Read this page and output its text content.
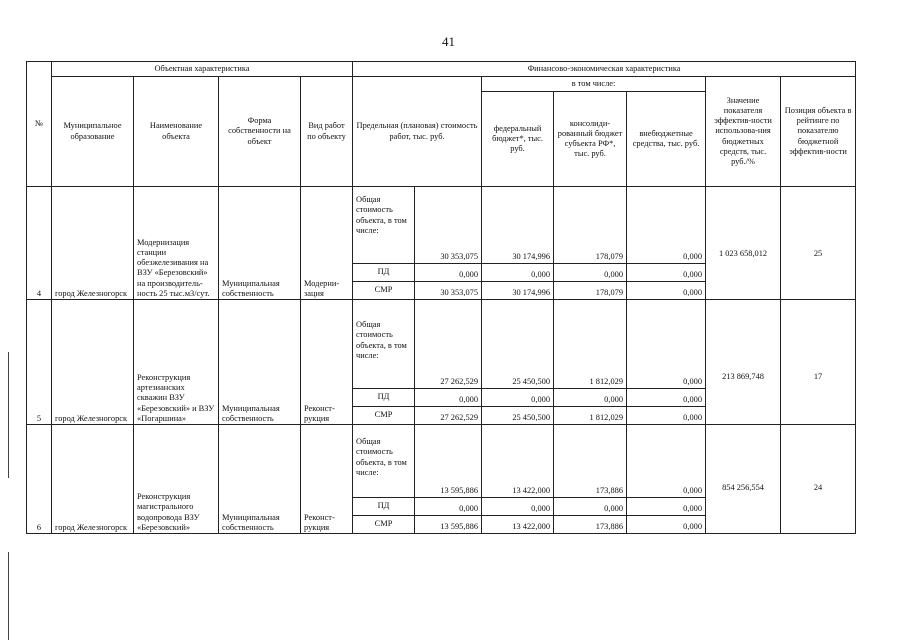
41
№	Объектная характеристика				Финансово-экономическая характеристика						
	Муниципальное образование	Наименование объекта	Форма собственности на объект	Вид работ по объекту	Предельная (плановая) стоимость работ, тыс. руб.		в том числе:			Значение показателя эффектив-ности использова-ния бюджетных средств, тыс. руб./%	Позиция объекта в рейтинге по показателю бюджетной эффектив-ности
							федеральный бюджет*, тыс. руб.	консолиди-рованный бюджет субъекта РФ*, тыс. руб.	внебюджетные средства, тыс. руб.		
4	город Железногорск	Модернизация станции обезжелезивания на ВЗУ «Березовский» на производитель-ность 25 тыс.м3/сут.	Муниципальная собственность	Модерни-зация	Общая стоимость объекта, в том числе:	30 353,075	30 174,996	178,079	0,000	1 023 658,012	25
					ПД	0,000	0,000	0,000	0,000		
					СМР	30 353,075	30 174,996	178,079	0,000		
5	город Железногорск	Реконструкция артезианских скважин ВЗУ «Березовский» и ВЗУ «Погаршина»	Муниципальная собственность	Реконст-рукция	Общая стоимость объекта, в том числе:	27 262,529	25 450,500	1 812,029	0,000	213 869,748	17
					ПД	0,000	0,000	0,000	0,000		
					СМР	27 262,529	25 450,500	1 812,029	0,000		
6	город Железногорск	Реконструкция магистрального водопровода ВЗУ «Березовский»	Муниципальная собственность	Реконст-рукция	Общая стоимость объекта, в том числе:	13 595,886	13 422,000	173,886	0,000	854 256,554	24
					ПД	0,000	0,000	0,000	0,000		
					СМР	13 595,886	13 422,000	173,886	0,000		
